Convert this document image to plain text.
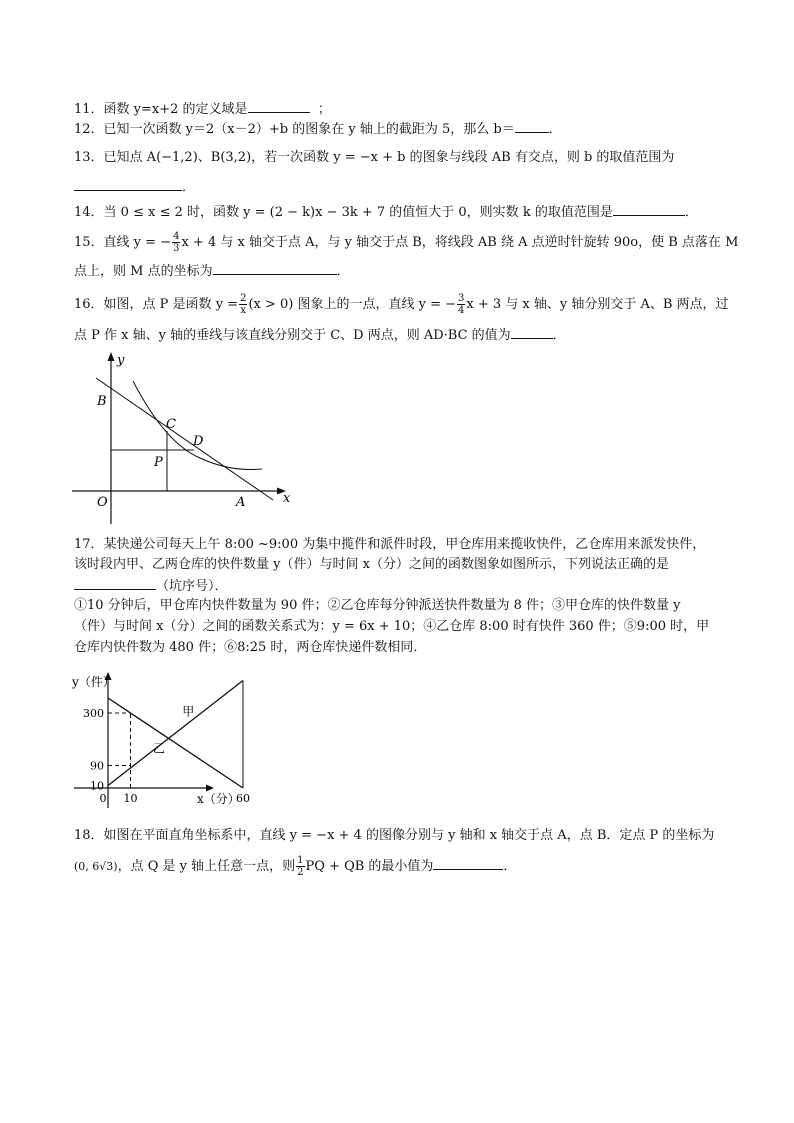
11．函数 y=x+2 的定义域是	；
12．已知一次函数 y＝2（x－2）+b 的图象在 y 轴上的截距为 5，那么 b＝	．
13．已知点 A(−1,2)、B(3,2)，若一次函数 y = −x + b 的图象与线段 AB 有交点，则 b 的取值范围为
．
14．当 0 ≤ x ≤ 2 时，函数 y = (2 − k)x − 3k + 7 的值恒大于 0，则实数 k 的取值范围是	．
15．直线 y = − $\frac{4}{3}$ x + 4 与 x 轴交于点 A，与 y 轴交于点 B，将线段 AB 绕 A 点逆时针旋转 90o，使 B 点落在 M
点上，则 M 点的坐标为	．
16．如图，点 P 是函数 $y = \frac{2}{x} (x > 0)$ 图象上的一点，直线 y = − $\frac{3}{4}$ x + 3 与 x 轴、y 轴分别交于 A、B 两点，过
点 P 作 x 轴、y 轴的垂线与该直线分别交于 C、D 两点，则 AD·BC 的值为	．
y
B
C
D
P
O	A	x
17．某快递公司每天上午 8:00 ~9:00 为集中揽件和派件时段，甲仓库用来揽收快件，乙仓库用来派发快件，
该时段内甲、乙两仓库的快件数量 y（件）与时间 x（分）之间的函数图象如图所示，下列说法正确的是
（坑序号）．
①10 分钟后，甲仓库内快件数量为 90 件；②乙仓库每分钟派送快件数量为 8 件；③甲仓库的快件数量 y
（件）与时间 x（分）之间的函数关系式为：y = 6x + 10；④乙仓库 8:00 时有快件 360 件；⑤9:00 时，甲
仓库内快件数为 480 件；⑥8:25 时，两仓库快递件数相同．
y（件）
x（分）
10
90
300
0 10	60
甲
乙
18．如图在平面直角坐标系中，直线 y = −x + 4 的图像分别与 y 轴和 x 轴交于点 A，点 B．定点 P 的坐标为
(0, 6√3)，点 Q 是 y 轴上任意一点，则 $\frac{1}{2}$ PQ + QB 的最小值为	．
